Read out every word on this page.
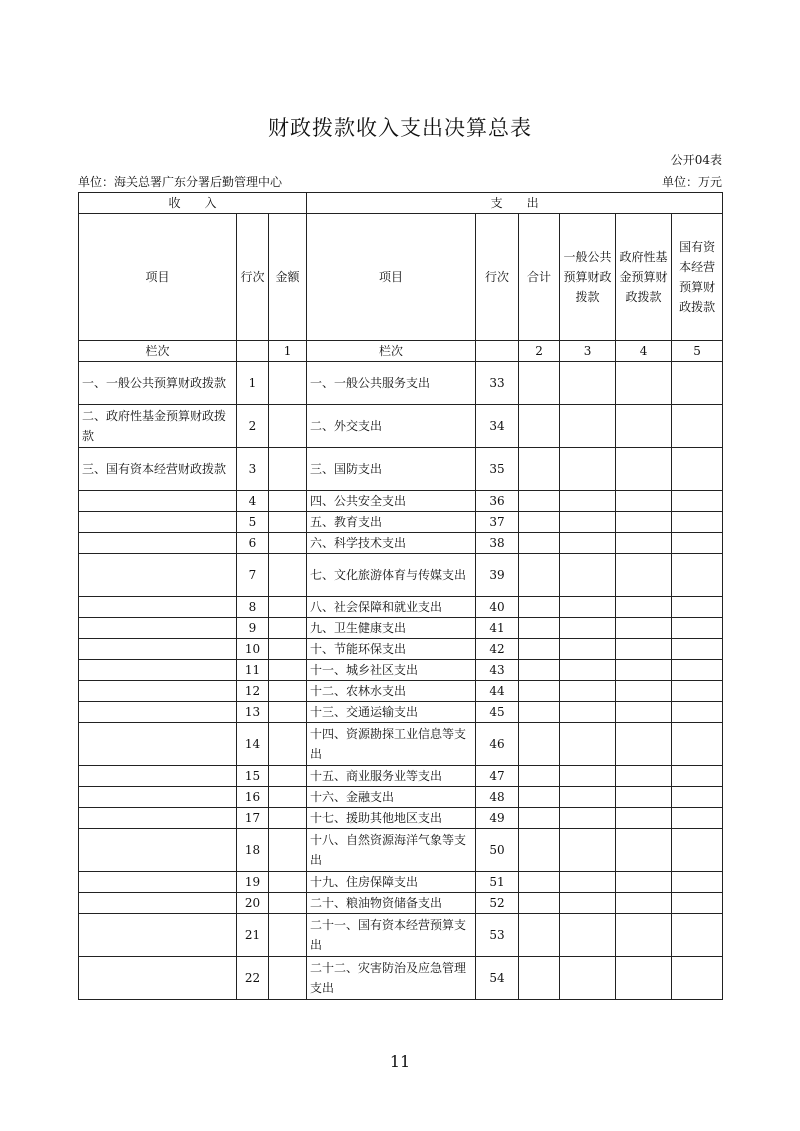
财政拨款收入支出决算总表
公开04表
单位：海关总署广东分署后勤管理中心	单位：万元
收　　入			支　　出					
项目	行次	金额	项目	行次	合计	一般公共预算财政拨款	政府性基金预算财政拨款	国有资本经营预算财政拨款
栏次		1	栏次		2	3	4	5
一、一般公共预算财政拨款	1		一、一般公共服务支出	33				
二、政府性基金预算财政拨款	2		二、外交支出	34				
三、国有资本经营财政拨款	3		三、国防支出	35				
	4		四、公共安全支出	36				
	5		五、教育支出	37				
	6		六、科学技术支出	38				
	7		七、文化旅游体育与传媒支出	39				
	8		八、社会保障和就业支出	40				
	9		九、卫生健康支出	41				
	10		十、节能环保支出	42				
	11		十一、城乡社区支出	43				
	12		十二、农林水支出	44				
	13		十三、交通运输支出	45				
	14		十四、资源勘探工业信息等支出	46				
	15		十五、商业服务业等支出	47				
	16		十六、金融支出	48				
	17		十七、援助其他地区支出	49				
	18		十八、自然资源海洋气象等支出	50				
	19		十九、住房保障支出	51				
	20		二十、粮油物资储备支出	52				
	21		二十一、国有资本经营预算支出	53				
	22		二十二、灾害防治及应急管理支出	54				
11
